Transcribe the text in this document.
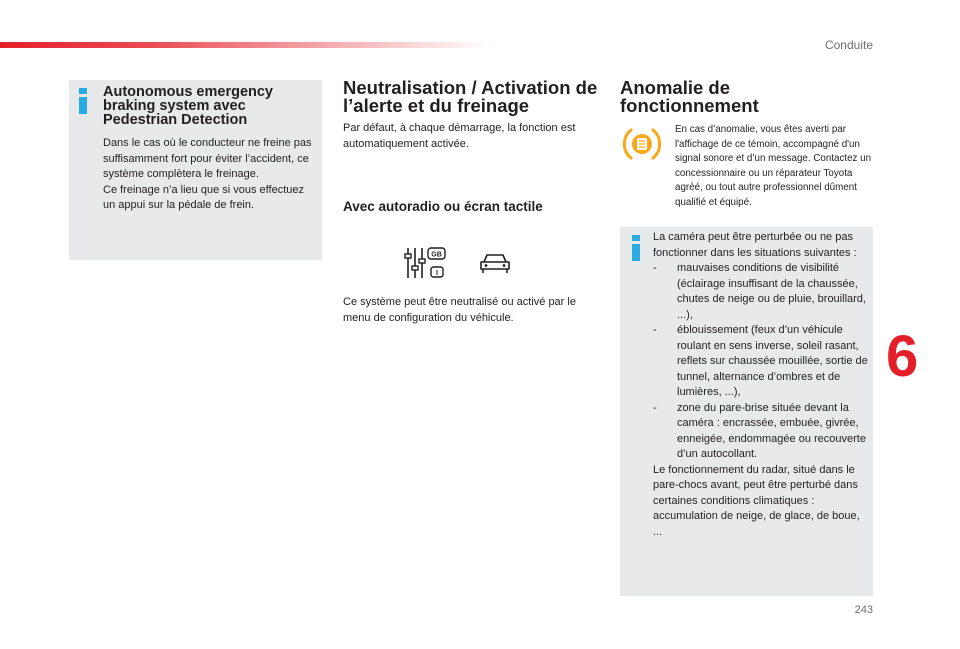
Conduite
Autonomous emergency braking system avec Pedestrian Detection
Dans le cas où le conducteur ne freine pas suffisamment fort pour éviter l’accident, ce système complètera le freinage.
Ce freinage n’a lieu que si vous effectuez un appui sur la pédale de frein.
Neutralisation / Activation de l’alerte et du freinage
Par défaut, à chaque démarrage, la fonction est automatiquement activée.
Avec autoradio ou écran tactile
GB
I
Ce système peut être neutralisé ou activé par le menu de configuration du véhicule.
Anomalie de fonctionnement
En cas d’anomalie, vous êtes averti par l'affichage de ce témoin, accompagné d'un signal sonore et d’un message. Contactez un concessionnaire ou un réparateur Toyota agréé, ou tout autre professionnel dûment qualifié et équipé.
La caméra peut être perturbée ou ne pas fonctionner dans les situations suivantes :
-	mauvaises conditions de visibilité (éclairage insuffisant de la chaussée, chutes de neige ou de pluie, brouillard, ...),
-	éblouissement (feux d’un véhicule roulant en sens inverse, soleil rasant, reflets sur chaussée mouillée, sortie de tunnel, alternance d’ombres et de lumières, ...),
-	zone du pare-brise située devant la caméra : encrassée, embuée, givrée, enneigée, endommagée ou recouverte d’un autocollant.
Le fonctionnement du radar, situé dans le pare-chocs avant, peut être perturbé dans certaines conditions climatiques : accumulation de neige, de glace, de boue, ...
6
243
